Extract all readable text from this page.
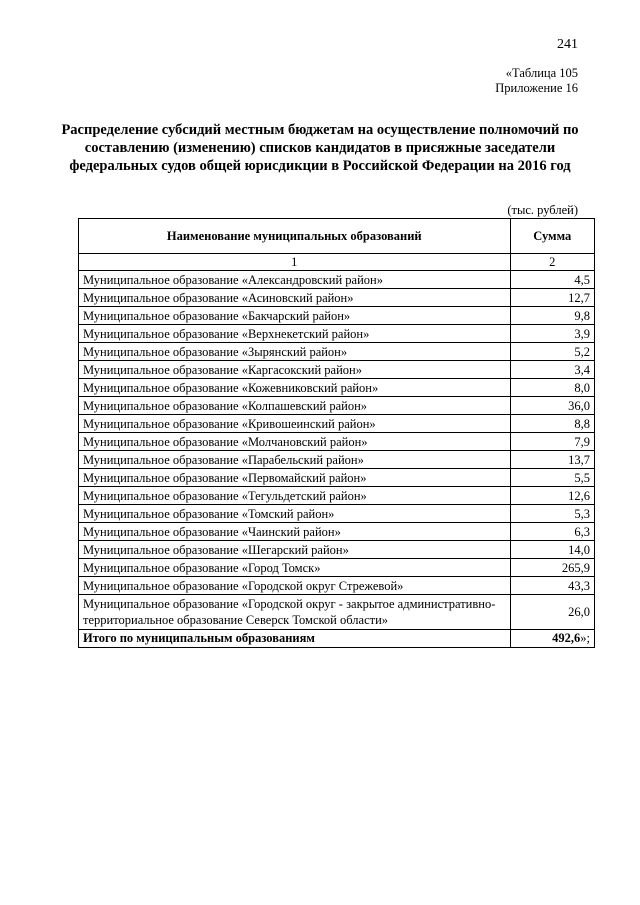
241
«Таблица 105
Приложение 16
Распределение субсидий местным бюджетам на осуществление полномочий по составлению (изменению) списков кандидатов в присяжные заседатели федеральных судов общей юрисдикции в Российской Федерации на 2016 год
(тыс. рублей)
Наименование муниципальных образований	Сумма
1	2
Муниципальное образование «Александровский район»	4,5
Муниципальное образование «Асиновский район»	12,7
Муниципальное образование «Бакчарский район»	9,8
Муниципальное образование «Верхнекетский район»	3,9
Муниципальное образование «Зырянский район»	5,2
Муниципальное образование «Каргасокский район»	3,4
Муниципальное образование «Кожевниковский район»	8,0
Муниципальное образование «Колпашевский район»	36,0
Муниципальное образование «Кривошеинский район»	8,8
Муниципальное образование «Молчановский район»	7,9
Муниципальное образование «Парабельский район»	13,7
Муниципальное образование «Первомайский район»	5,5
Муниципальное образование «Тегульдетский район»	12,6
Муниципальное образование «Томский район»	5,3
Муниципальное образование «Чаинский район»	6,3
Муниципальное образование «Шегарский район»	14,0
Муниципальное образование «Город Томск»	265,9
Муниципальное образование «Городской округ Стрежевой»	43,3
Муниципальное образование «Городской округ - закрытое административно-территориальное образование Северск Томской области»	26,0
Итого по муниципальным образованиям	492,6»;
